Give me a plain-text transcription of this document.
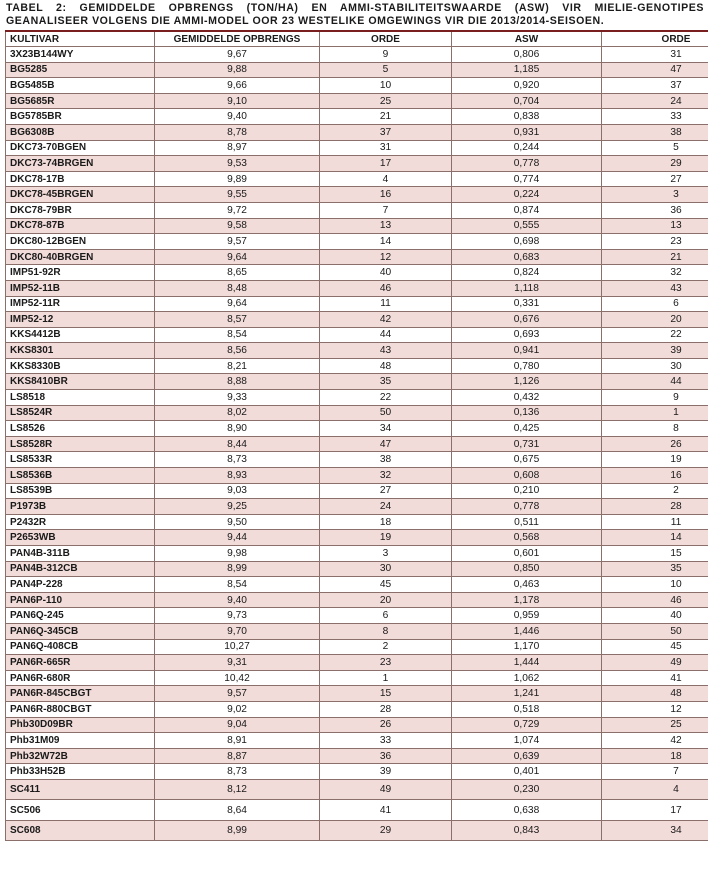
TABEL 2: GEMIDDELDE OPBRENGS (TON/HA) EN AMMI-STABILITEITSWAARDE (ASW) VIR MIELIE-GENOTIPES GEANALISEER VOLGENS DIE AMMI-MODEL OOR 23 WESTELIKE OMGEWINGS VIR DIE 2013/2014-SEISOEN.
KULTIVAR	GEMIDDELDE OPBRENGS	ORDE	ASW	ORDE
3X23B144WY	9,67	9	0,806	31
BG5285	9,88	5	1,185	47
BG5485B	9,66	10	0,920	37
BG5685R	9,10	25	0,704	24
BG5785BR	9,40	21	0,838	33
BG6308B	8,78	37	0,931	38
DKC73-70BGEN	8,97	31	0,244	5
DKC73-74BRGEN	9,53	17	0,778	29
DKC78-17B	9,89	4	0,774	27
DKC78-45BRGEN	9,55	16	0,224	3
DKC78-79BR	9,72	7	0,874	36
DKC78-87B	9,58	13	0,555	13
DKC80-12BGEN	9,57	14	0,698	23
DKC80-40BRGEN	9,64	12	0,683	21
IMP51-92R	8,65	40	0,824	32
IMP52-11B	8,48	46	1,118	43
IMP52-11R	9,64	11	0,331	6
IMP52-12	8,57	42	0,676	20
KKS4412B	8,54	44	0,693	22
KKS8301	8,56	43	0,941	39
KKS8330B	8,21	48	0,780	30
KKS8410BR	8,88	35	1,126	44
LS8518	9,33	22	0,432	9
LS8524R	8,02	50	0,136	1
LS8526	8,90	34	0,425	8
LS8528R	8,44	47	0,731	26
LS8533R	8,73	38	0,675	19
LS8536B	8,93	32	0,608	16
LS8539B	9,03	27	0,210	2
P1973B	9,25	24	0,778	28
P2432R	9,50	18	0,511	11
P2653WB	9,44	19	0,568	14
PAN4B-311B	9,98	3	0,601	15
PAN4B-312CB	8,99	30	0,850	35
PAN4P-228	8,54	45	0,463	10
PAN6P-110	9,40	20	1,178	46
PAN6Q-245	9,73	6	0,959	40
PAN6Q-345CB	9,70	8	1,446	50
PAN6Q-408CB	10,27	2	1,170	45
PAN6R-665R	9,31	23	1,444	49
PAN6R-680R	10,42	1	1,062	41
PAN6R-845CBGT	9,57	15	1,241	48
PAN6R-880CBGT	9,02	28	0,518	12
Phb30D09BR	9,04	26	0,729	25
Phb31M09	8,91	33	1,074	42
Phb32W72B	8,87	36	0,639	18
Phb33H52B	8,73	39	0,401	7
SC411	8,12	49	0,230	4
SC506	8,64	41	0,638	17
SC608	8,99	29	0,843	34
